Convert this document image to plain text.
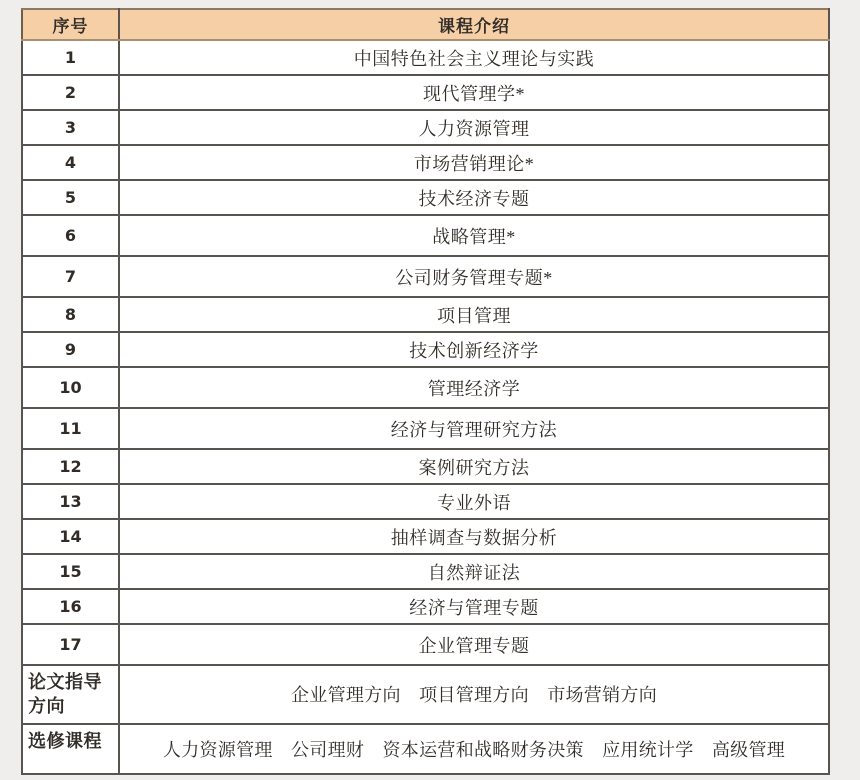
序号	课程介绍
1	中国特色社会主义理论与实践
2	现代管理学*
3	人力资源管理
4	市场营销理论*
5	技术经济专题
6	战略管理*
7	公司财务管理专题*
8	项目管理
9	技术创新经济学
10	管理经济学
11	经济与管理研究方法
12	案例研究方法
13	专业外语
14	抽样调查与数据分析
15	自然辩证法
16	经济与管理专题
17	企业管理专题
论文指导方向	企业管理方向　项目管理方向　市场营销方向
选修课程	人力资源管理　公司理财　资本运营和战略财务决策　应用统计学　高级管理
